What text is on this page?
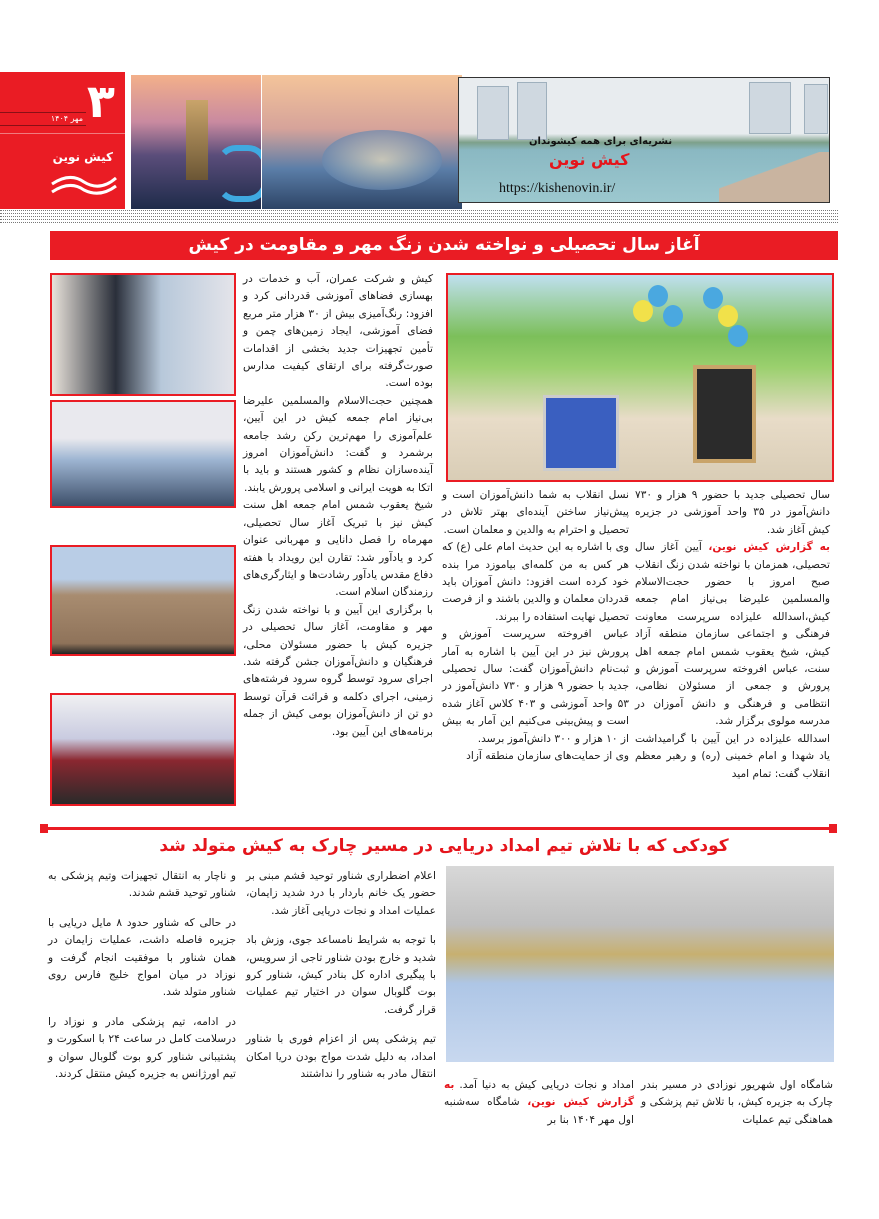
۳
مهر ۱۴۰۴
کیش نوین
نشریه‌ای برای همه کیشوندان
کیش نوین
https://kishenovin.ir/
آغاز سال تحصیلی و نواخته شدن زنگ مهر و مقاومت در کیش

سال تحصیلی جدید با حضور ۹ هزار و ۷۳۰ دانش‌آموز در ۳۵ واحد آموزشی در جزیره کیش آغاز شد.

به گزارش کیش نوین، آیین آغاز سال تحصیلی، همزمان با نواخته شدن زنگ انقلاب صبح امروز با حضور حجت‌الاسلام والمسلمین علیرضا بی‌نیاز امام جمعه کیش،اسدالله علیزاده سرپرست معاونت فرهنگی و اجتماعی سازمان منطقه آزاد کیش، شیخ یعقوب شمس امام جمعه اهل سنت، عباس افروخته سرپرست آموزش و پرورش و جمعی از مسئولان نظامی، انتظامی و فرهنگی و دانش آموزان در مدرسه مولوی برگزار شد.

اسدالله علیزاده در این آیین با گرامیداشت یاد شهدا و امام خمینی (ره) و رهبر معظم انقلاب گفت: تمام امید

نسل انقلاب به شما دانش‌آموزان است و پیش‌نیاز ساختن آینده‌ای بهتر تلاش در تحصیل و احترام به والدین و معلمان است.

وی با اشاره به این حدیث امام علی (ع) که هر کس به من کلمه‌ای بیاموزد مرا بنده خود کرده است افزود: دانش آموزان باید قدردان معلمان و والدین باشند و از فرصت تحصیل نهایت استفاده را ببرند.

عباس افروخته سرپرست آموزش و پرورش نیز در این آیین با اشاره به آمار ثبت‌نام دانش‌آموزان گفت: سال تحصیلی جدید با حضور ۹ هزار و ۷۳۰ دانش‌آموز در ۵۳ واحد آموزشی و ۴۰۳ کلاس آغاز شده است و پیش‌بینی می‌کنیم این آمار به بیش از ۱۰ هزار و ۳۰۰ دانش‌آموز برسد.

وی از حمایت‌های سازمان منطقه آزاد

کیش و شرکت عمران، آب و خدمات در بهسازی فضاهای آموزشی قدردانی کرد و افزود: رنگ‌آمیزی بیش از ۳۰ هزار متر مربع فضای آموزشی، ایجاد زمین‌های چمن و تأمین تجهیزات جدید بخشی از اقدامات صورت‌گرفته برای ارتقای کیفیت مدارس بوده است.

همچنین حجت‌الاسلام والمسلمین علیرضا بی‌نیاز امام جمعه کیش در این آیین، علم‌آموزی را مهم‌ترین رکن رشد جامعه برشمرد و گفت: دانش‌آموزان امروز آینده‌سازان نظام و کشور هستند و باید با اتکا به هویت ایرانی و اسلامی پرورش یابند.

شیخ یعقوب شمس امام جمعه اهل سنت کیش نیز با تبریک آغاز سال تحصیلی، مهرماه را فصل دانایی و مهربانی عنوان کرد و یادآور شد: تقارن این رویداد با هفته دفاع مقدس یادآور رشادت‌ها و ایثارگری‌های رزمندگان اسلام است.

با برگزاری این آیین و با نواخته شدن زنگ مهر و مقاومت، آغاز سال تحصیلی در جزیره کیش با حضور مسئولان محلی، فرهنگیان و دانش‌آموزان جشن گرفته شد. اجرای سرود توسط گروه سرود فرشته‌های زمینی، اجرای دکلمه و قرائت قرآن توسط دو تن از دانش‌آموزان بومی کیش از جمله برنامه‌های این آیین بود.

کودکی که با تلاش تیم امداد دریایی در مسیر چارک به کیش متولد شد
شامگاه اول شهریور نوزادی در مسیر بندر چارک به جزیره کیش، با تلاش تیم پزشکی و هماهنگی تیم عملیات
امداد و نجات دریایی کیش به دنیا آمد. به گزارش کیش نوین، شامگاه سه‌شنبه اول مهر ۱۴۰۴ بنا بر

اعلام اضطراری شناور توحید قشم مبنی بر حضور یک خانم باردار با درد شدید زایمان، عملیات امداد و نجات دریایی آغاز شد.

با توجه به شرایط نامساعد جوی، وزش باد شدید و خارج بودن شناور تاجی از سرویس، با پیگیری اداره کل بنادر کیش، شناور کرو بوت گلوبال سوان در اختیار تیم عملیات قرار گرفت.

تیم پزشکی پس از اعزام فوری با شناور امداد، به دلیل شدت مواج بودن دریا امکان انتقال مادر به شناور را نداشتند

و ناچار به انتقال تجهیزات وتیم پزشکی به شناور توحید قشم شدند.

در حالی که شناور حدود ۸ مایل دریایی با جزیره فاصله داشت، عملیات زایمان در همان شناور با موفقیت انجام گرفت و نوزاد در میان امواج خلیج فارس روی شناور متولد شد.

در ادامه، تیم پزشکی مادر و نوزاد را درسلامت کامل در ساعت ۲۴ با اسکورت و پشتیبانی شناور کرو بوت گلوبال سوان و تیم اورژانس به جزیره کیش منتقل کردند.
